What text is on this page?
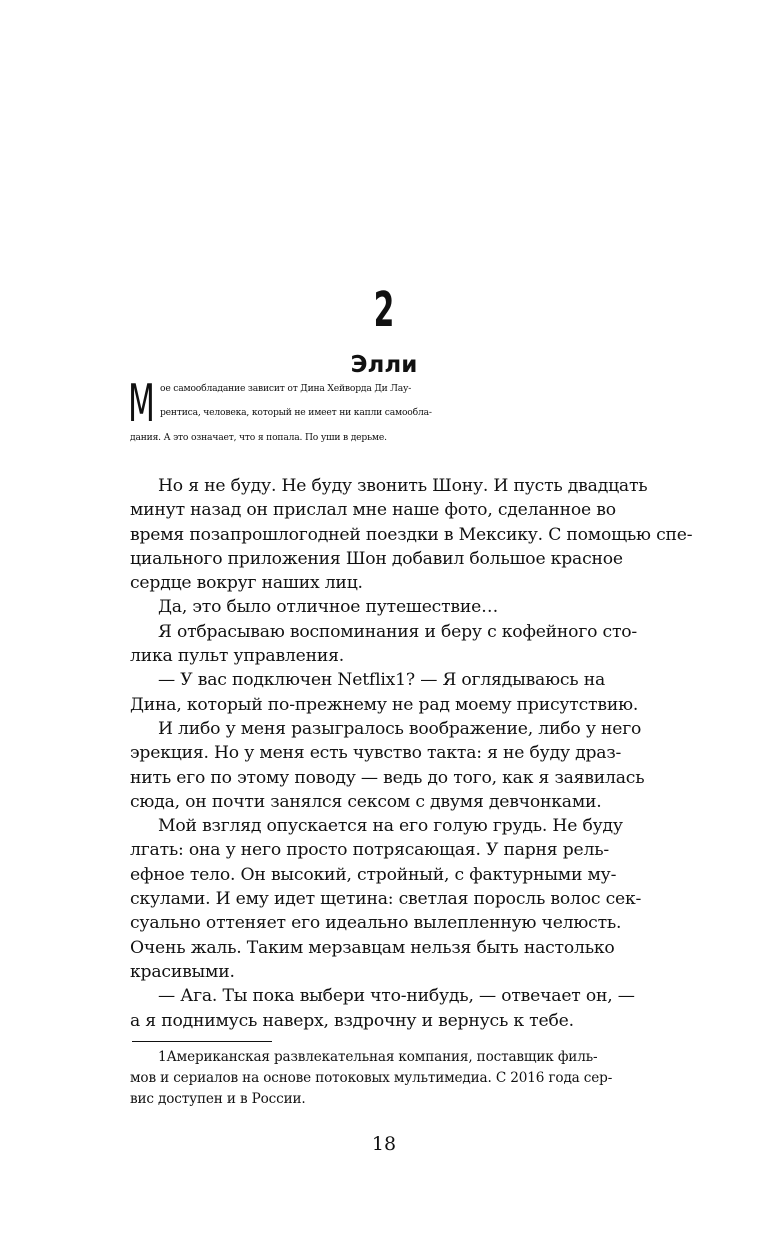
2
Элли
М ое самообладание зависит от Дина Хейворда Ди Лау-
рентиса, человека, который не имеет ни капли самообла-
дания. А это означает, что я попала. По уши в дерьме.
Но я не буду. Не буду звонить Шону. И пусть двадцать
минут назад он прислал мне наше фото, сделанное во
время позапрошлогодней поездки в Мексику. С помощью спе-
циального приложения Шон добавил большое красное
сердце вокруг наших лиц.
Да, это было отличное путешествие…
Я отбрасываю воспоминания и беру с кофейного сто-
лика пульт управления.
— У вас подключен Netflix1? — Я оглядываюсь на
Дина, который по-прежнему не рад моему присутствию.
И либо у меня разыгралось воображение, либо у него
эрекция. Но у меня есть чувство такта: я не буду драз-
нить его по этому поводу — ведь до того, как я заявилась
сюда, он почти занялся сексом с двумя девчонками.
Мой взгляд опускается на его голую грудь. Не буду
лгать: она у него просто потрясающая. У парня рель-
ефное тело. Он высокий, стройный, с фактурными му-
скулами. И ему идет щетина: светлая поросль волос сек-
суально оттеняет его идеально вылепленную челюсть.
Очень жаль. Таким мерзавцам нельзя быть настолько
красивыми.
— Ага. Ты пока выбери что-нибудь, — отвечает он, —
а я поднимусь наверх, вздрочну и вернусь к тебе.
1Американская развлекательная компания, поставщик филь-
мов и сериалов на основе потоковых мультимедиа. С 2016 года сер-
вис доступен и в России.
18
